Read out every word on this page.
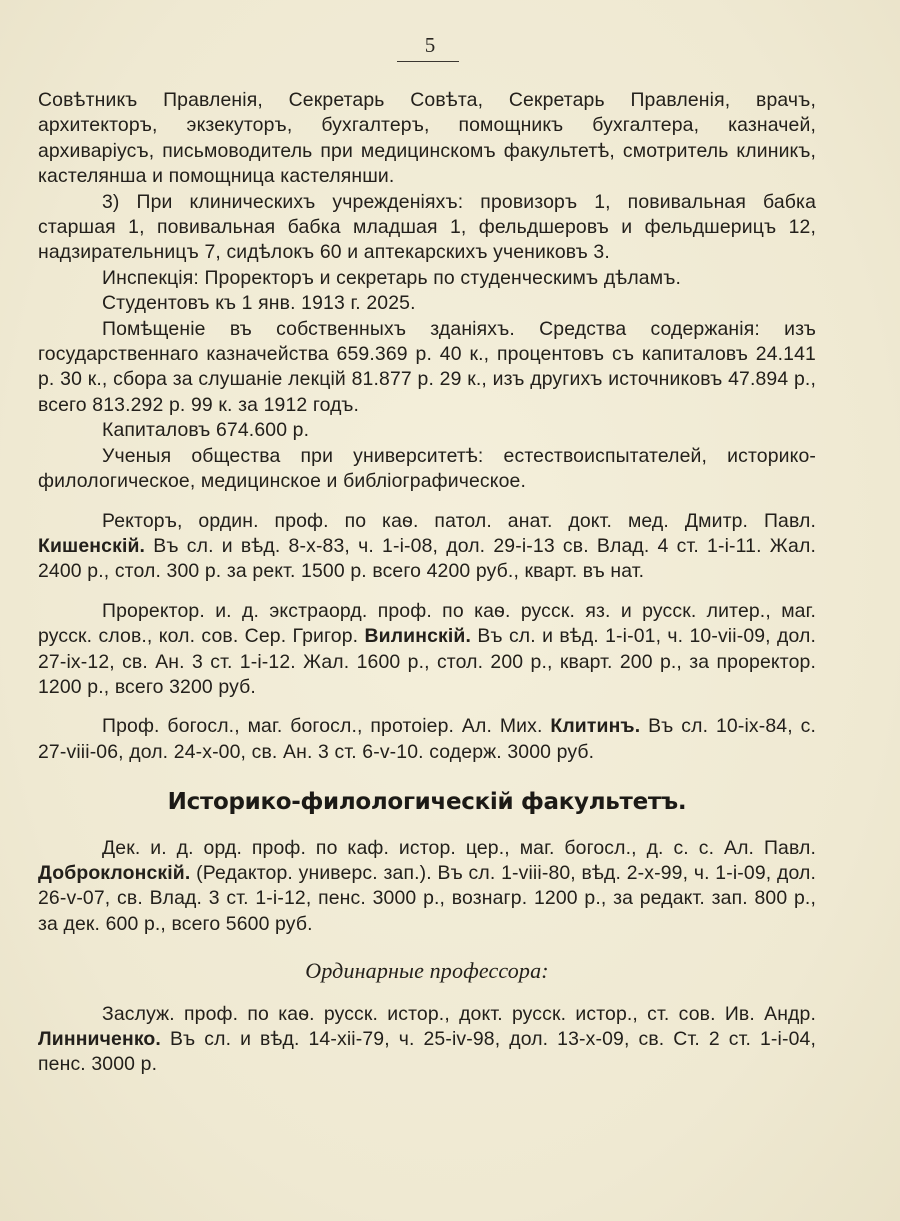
5

Совѣтникъ Правленія, Секретарь Совѣта, Секретарь Правленія, врачъ, архитекторъ, экзекуторъ, бухгалтеръ, помощникъ бухгалтера, казначей, архиваріусъ, письмоводитель при медицинскомъ факультетѣ, смотритель клиникъ, кастелянша и помощница кастелянши.

3) При клиническихъ учрежденіяхъ: провизоръ 1, повивальная бабка старшая 1, повивальная бабка младшая 1, фельдшеровъ и фельдшерицъ 12, надзирательницъ 7, сидѣлокъ 60 и аптекарскихъ учениковъ 3.

Инспекція: Проректоръ и секретарь по студенческимъ дѣламъ.

Студентовъ къ 1 янв. 1913 г. 2025.

Помѣщеніе въ собственныхъ зданіяхъ. Средства содержанія: изъ государственнаго казначейства 659.369 р. 40 к., процентовъ съ капиталовъ 24.141 р. 30 к., сбора за слушаніе лекцій 81.877 р. 29 к., изъ другихъ источниковъ 47.894 р., всего 813.292 р. 99 к. за 1912 годъ.

Капиталовъ 674.600 р.

Ученыя общества при университетѣ: естествоиспытателей, историко-филологическое, медицинское и библіографическое.

Ректоръ, ордин. проф. по каѳ. патол. анат. докт. мед. Дмитр. Павл. Кишенскій. Въ сл. и вѣд. 8-x-83, ч. 1-i-08, дол. 29-i-13 св. Влад. 4 ст. 1-i-11. Жал. 2400 р., стол. 300 р. за рект. 1500 р. всего 4200 руб., кварт. въ нат.

Проректор. и. д. экстраорд. проф. по каѳ. русск. яз. и русск. литер., маг. русск. слов., кол. сов. Сер. Григор. Вилинскій. Въ сл. и вѣд. 1-i-01, ч. 10-vii-09, дол. 27-ix-12, св. Ан. 3 ст. 1-i-12. Жал. 1600 р., стол. 200 р., кварт. 200 р., за проректор. 1200 р., всего 3200 руб.

Проф. богосл., маг. богосл., протоіер. Ал. Мих. Клитинъ. Въ сл. 10-ix-84, с. 27-viii-06, дол. 24-x-00, св. Ан. 3 ст. 6-v-10. содерж. 3000 руб.

Историко-филологическій факультетъ.

Дек. и. д. орд. проф. по каф. истор. цер., маг. богосл., д. с. с. Ал. Павл. Доброклонскій. (Редактор. универс. зап.). Въ сл. 1-viii-80, вѣд. 2-x-99, ч. 1-i-09, дол. 26-v-07, св. Влад. 3 ст. 1-i-12, пенс. 3000 р., вознагр. 1200 р., за редакт. зап. 800 р., за дек. 600 р., всего 5600 руб.

Ординарные профессора:

Заслуж. проф. по каѳ. русск. истор., докт. русск. истор., ст. сов. Ив. Андр. Линниченко. Въ сл. и вѣд. 14-xii-79, ч. 25-iv-98, дол. 13-x-09, св. Ст. 2 ст. 1-i-04, пенс. 3000 р.
